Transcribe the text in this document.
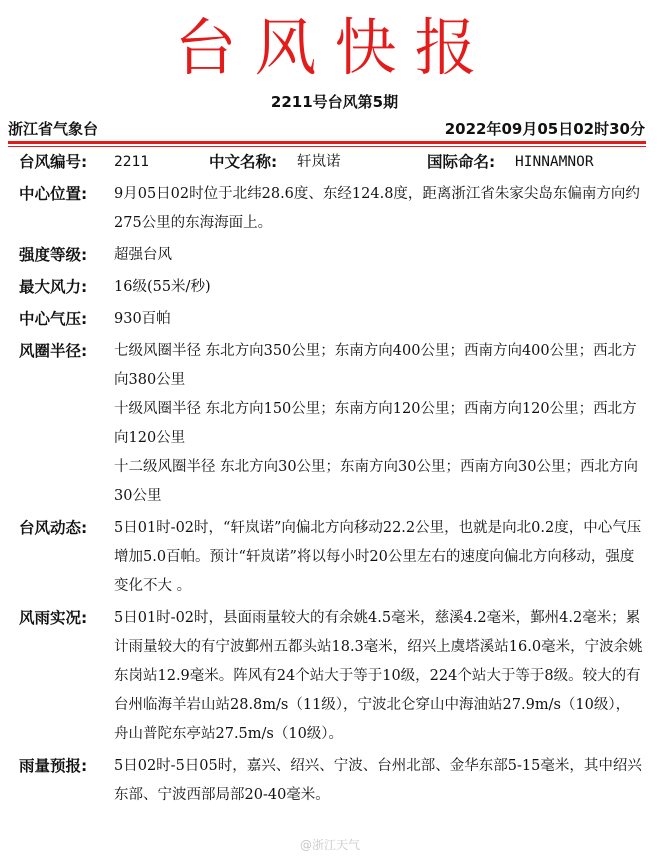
台风快报
2211号台风第5期
浙江省气象台	2022年09月05日02时30分
台风编号:	2211	中文名称:	轩岚诺	国际命名:	HINNAMNOR
中心位置:	9月05日02时位于北纬28.6度、东经124.8度，距离浙江省朱家尖岛东偏南方向约275公里的东海海面上。
强度等级:	超强台风
最大风力:	16级(55米/秒)
中心气压:	930百帕
风圈半径:	七级风圈半径 东北方向350公里；东南方向400公里；西南方向400公里；西北方向380公里
十级风圈半径 东北方向150公里；东南方向120公里；西南方向120公里；西北方向120公里
十二级风圈半径 东北方向30公里；东南方向30公里；西南方向30公里；西北方向30公里
台风动态:	5日01时-02时，“轩岚诺”向偏北方向移动22.2公里，也就是向北0.2度，中心气压增加5.0百帕。预计“轩岚诺”将以每小时20公里左右的速度向偏北方向移动，强度变化不大 。
风雨实况:	5日01时-02时，县面雨量较大的有余姚4.5毫米，慈溪4.2毫米，鄞州4.2毫米；累计雨量较大的有宁波鄞州五都头站18.3毫米，绍兴上虞塔溪站16.0毫米，宁波余姚东岗站12.9毫米。阵风有24个站大于等于10级，224个站大于等于8级。较大的有台州临海羊岩山站28.8m/s（11级），宁波北仑穿山中海油站27.9m/s（10级），舟山普陀东亭站27.5m/s（10级）。
雨量预报:	5日02时-5日05时，嘉兴、绍兴、宁波、台州北部、金华东部5-15毫米，其中绍兴东部、宁波西部局部20-40毫米。
@浙江天气
